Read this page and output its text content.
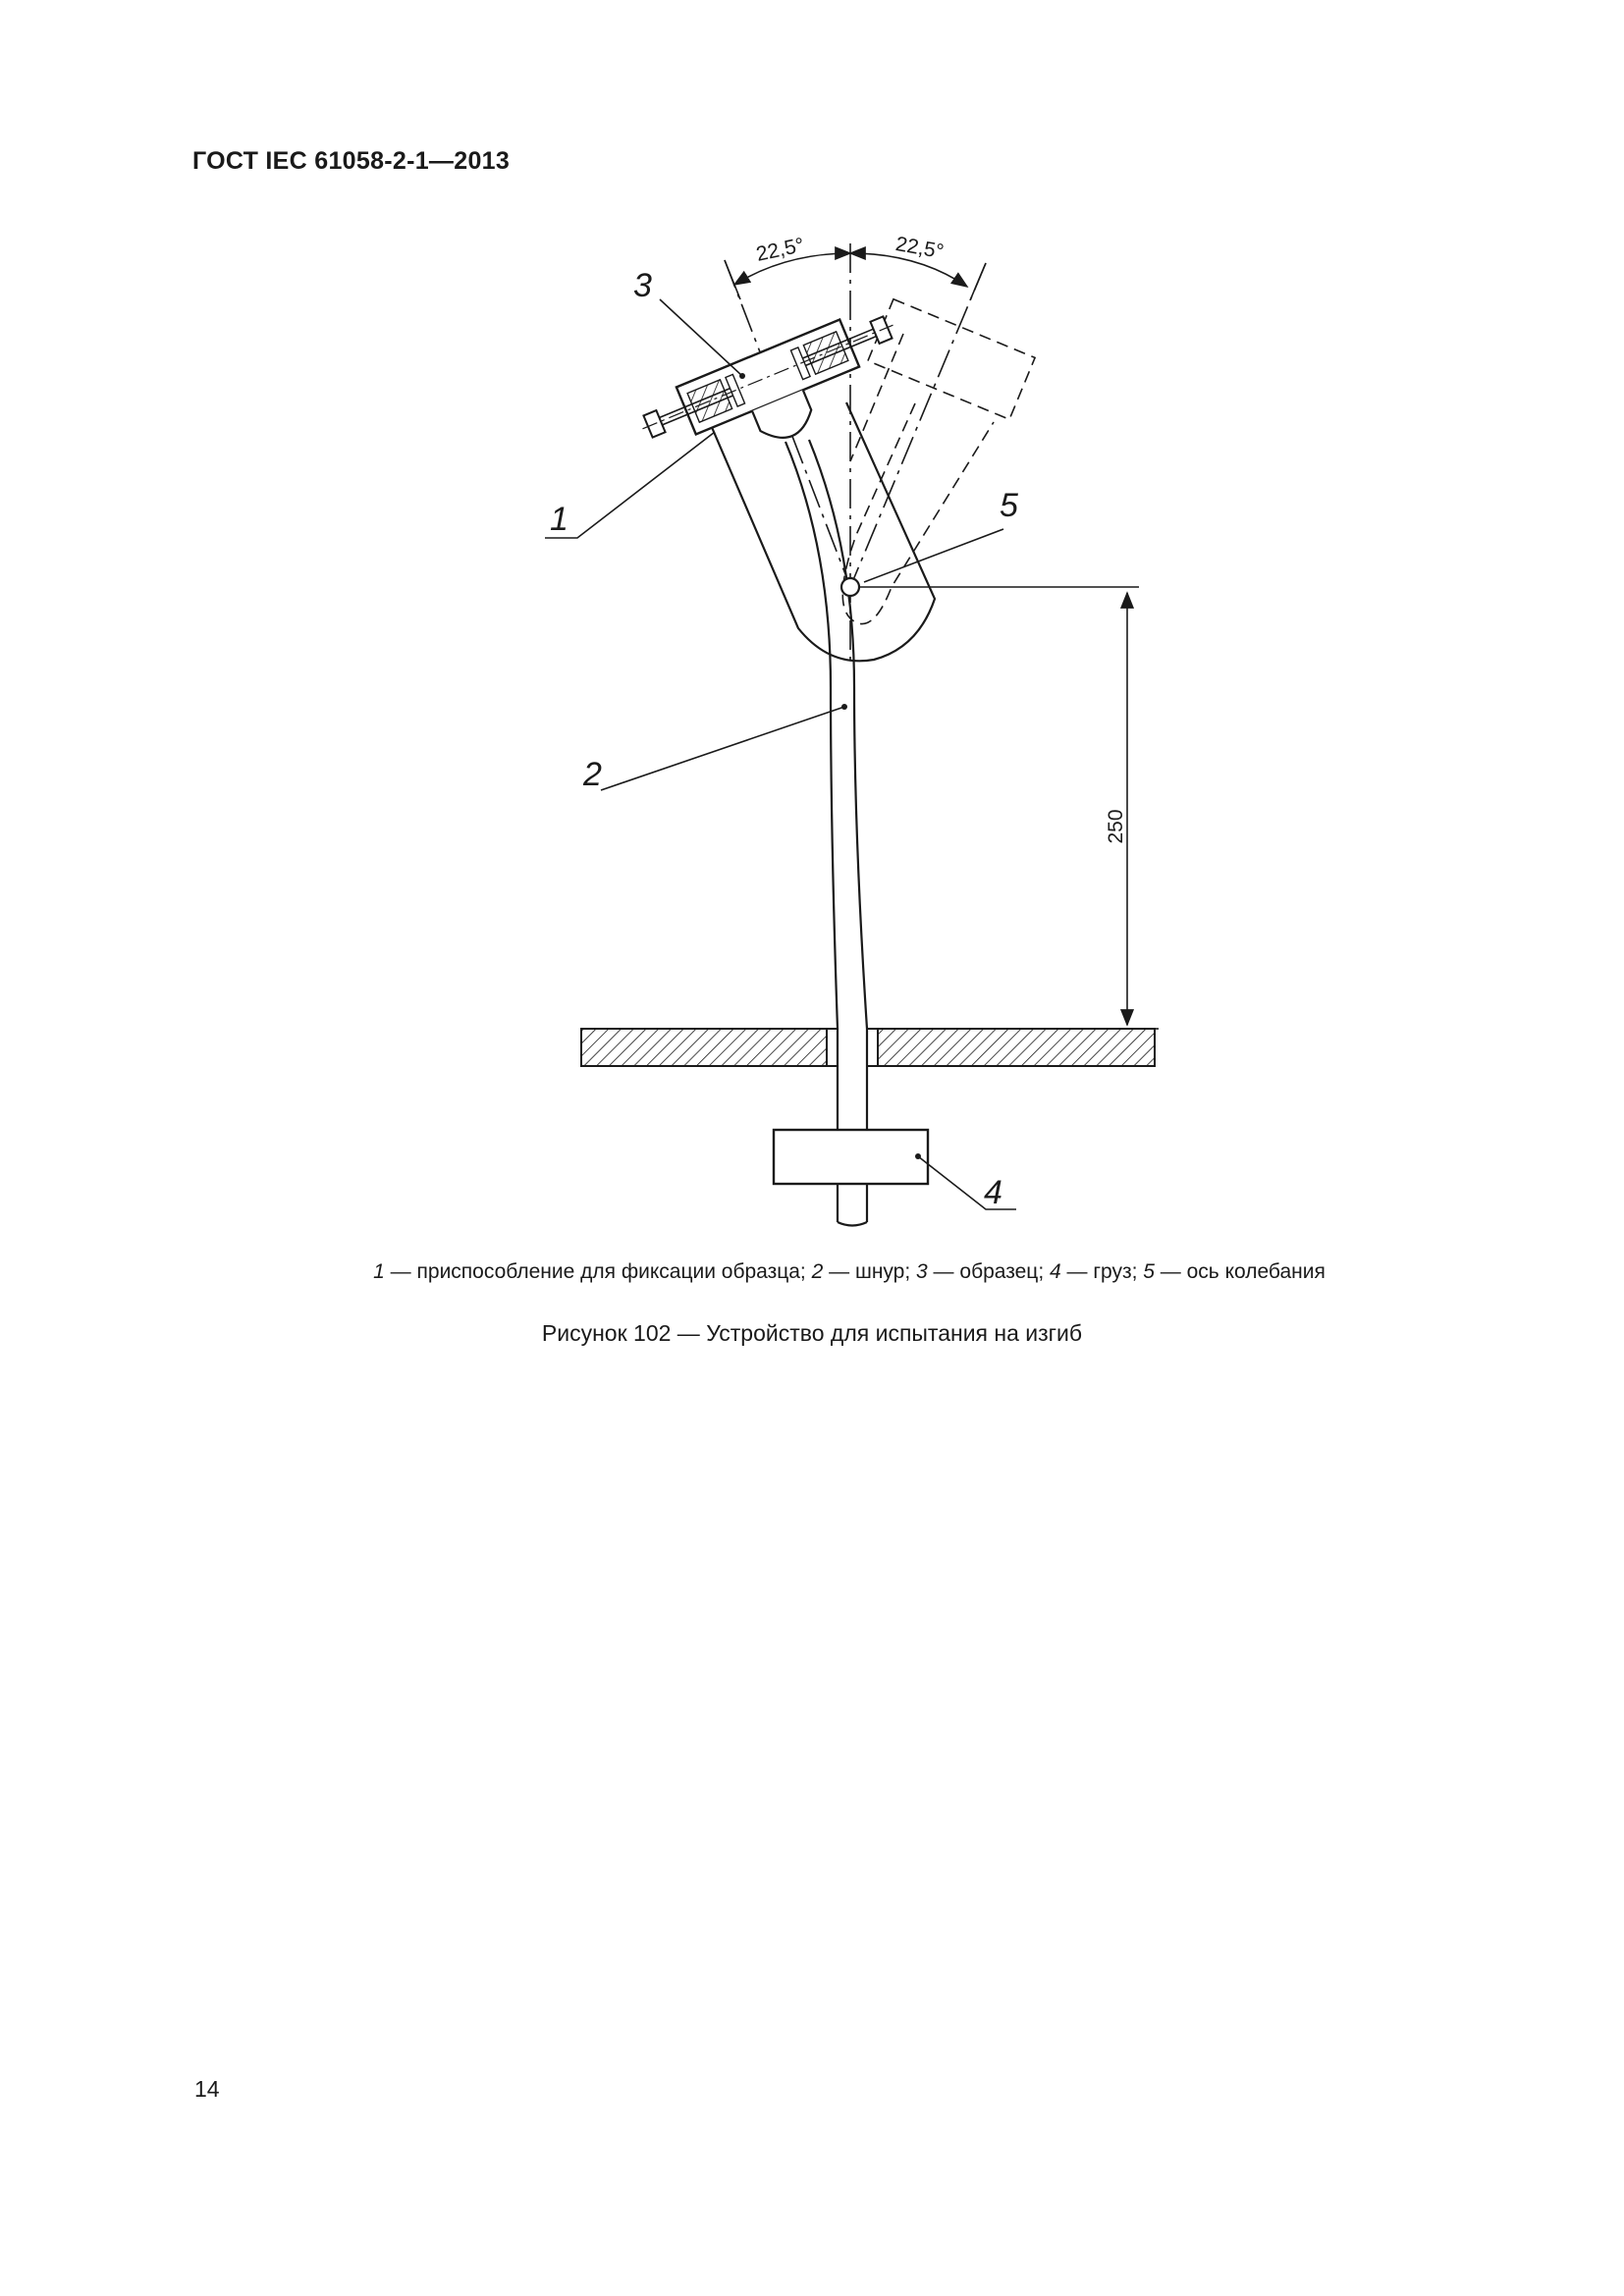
ГОСТ IEC 61058-2-1—2013
22,5°	22,5°
250
3
1	5
2
4
1 — приспособление для фиксации образца; 2 — шнур; 3 — образец; 4 — груз; 5 — ось колебания
Рисунок 102 — Устройство для испытания на изгиб
14
